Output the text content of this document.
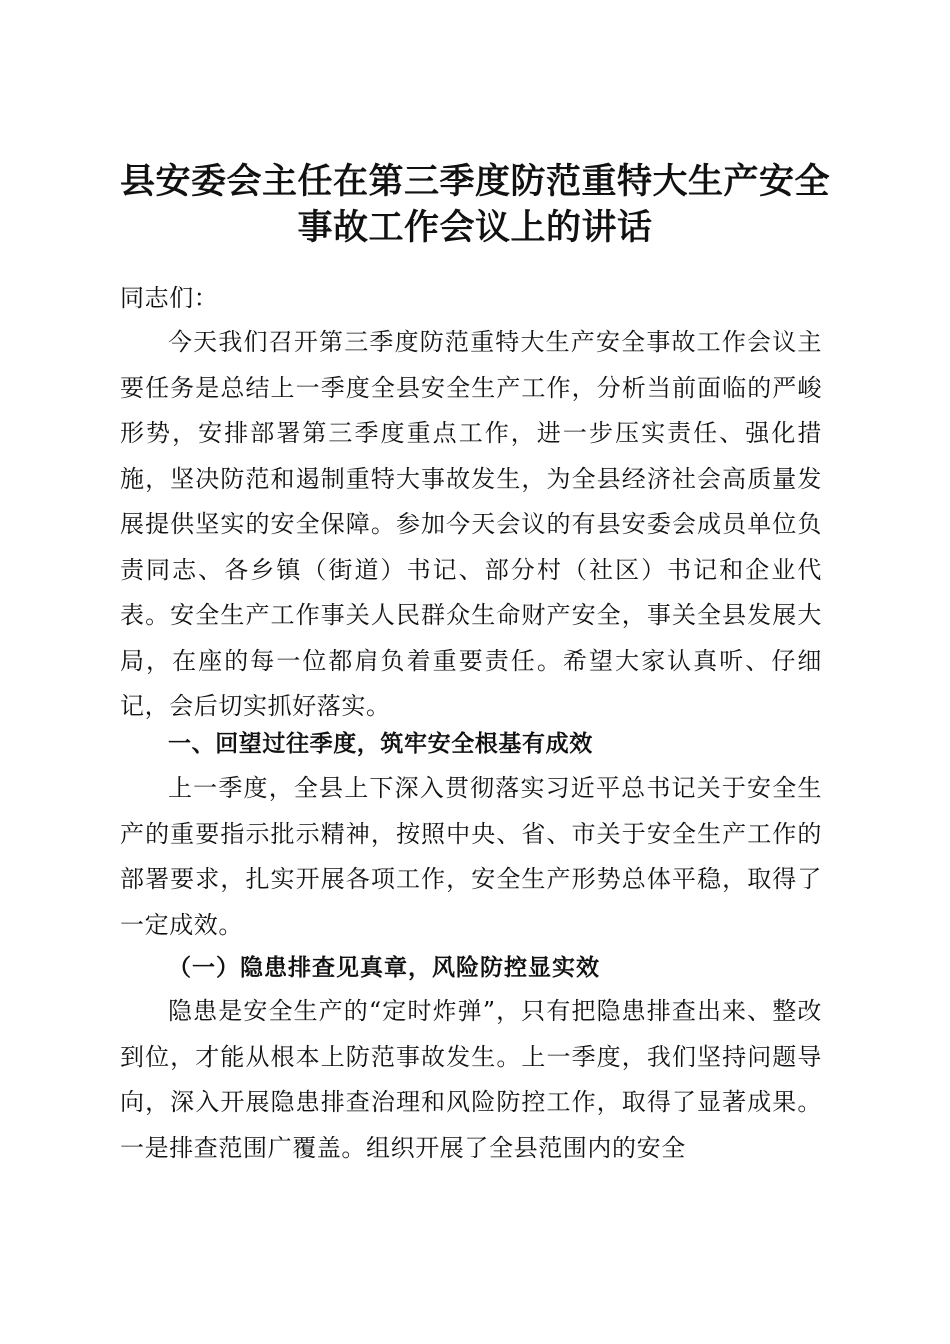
县安委会主任在第三季度防范重特大生产安全
事故工作会议上的讲话

同志们：

今天我们召开第三季度防范重特大生产安全事故工作会议主要任务是总结上一季度全县安全生产工作，分析当前面临的严峻形势，安排部署第三季度重点工作，进一步压实责任、强化措施，坚决防范和遏制重特大事故发生，为全县经济社会高质量发展提供坚实的安全保障。参加今天会议的有县安委会成员单位负责同志、各乡镇（街道）书记、部分村（社区）书记和企业代表。安全生产工作事关人民群众生命财产安全，事关全县发展大局，在座的每一位都肩负着重要责任。希望大家认真听、仔细记，会后切实抓好落实。

一、回望过往季度，筑牢安全根基有成效

上一季度，全县上下深入贯彻落实习近平总书记关于安全生产的重要指示批示精神，按照中央、省、市关于安全生产工作的部署要求，扎实开展各项工作，安全生产形势总体平稳，取得了一定成效。

（一）隐患排查见真章，风险防控显实效

隐患是安全生产的“定时炸弹”，只有把隐患排查出来、整改到位，才能从根本上防范事故发生。上一季度，我们坚持问题导向，深入开展隐患排查治理和风险防控工作，取得了显著成果。一是排查范围广覆盖。组织开展了全县范围内的安全
